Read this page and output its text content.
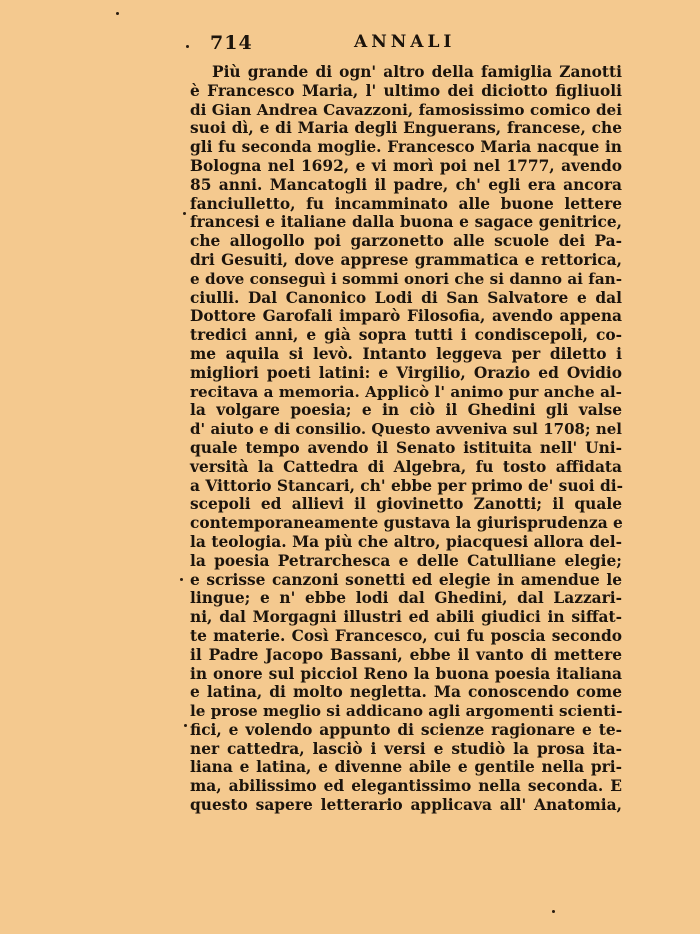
714	ANNALI
Più grande di ogn' altro della famiglia Zanotti
è Francesco Maria, l' ultimo dei diciotto figliuoli
di Gian Andrea Cavazzoni, famosissimo comico dei
suoi dì, e di Maria degli Enguerans, francese, che
gli fu seconda moglie. Francesco Maria nacque in
Bologna nel 1692, e vi morì poi nel 1777, avendo
85 anni. Mancatogli il padre, ch' egli era ancora
fanciulletto, fu incamminato alle buone lettere
francesi e italiane dalla buona e sagace genitrice,
che allogollo poi garzonetto alle scuole dei Pa-
dri Gesuiti, dove apprese grammatica e rettorica,
e dove conseguì i sommi onori che si danno ai fan-
ciulli. Dal Canonico Lodi di San Salvatore e dal
Dottore Garofali imparò Filosofia, avendo appena
tredici anni, e già sopra tutti i condiscepoli, co-
me aquila si levò. Intanto leggeva per diletto i
migliori poeti latini: e Virgilio, Orazio ed Ovidio
recitava a memoria. Applicò l' animo pur anche al-
la volgare poesia; e in ciò il Ghedini gli valse
d' aiuto e di consilio. Questo avveniva sul 1708; nel
quale tempo avendo il Senato istituita nell' Uni-
versità la Cattedra di Algebra, fu tosto affidata
a Vittorio Stancari, ch' ebbe per primo de' suoi di-
scepoli ed allievi il giovinetto Zanotti; il quale
contemporaneamente gustava la giurisprudenza e
la teologia. Ma più che altro, piacquesi allora del-
la poesia Petrarchesca e delle Catulliane elegie;
e scrisse canzoni sonetti ed elegie in amendue le
lingue; e n' ebbe lodi dal Ghedini, dal Lazzari-
ni, dal Morgagni illustri ed abili giudici in siffat-
te materie. Così Francesco, cui fu poscia secondo
il Padre Jacopo Bassani, ebbe il vanto di mettere
in onore sul picciol Reno la buona poesia italiana
e latina, di molto negletta. Ma conoscendo come
le prose meglio si addicano agli argomenti scienti-
fici, e volendo appunto di scienze ragionare e te-
ner cattedra, lasciò i versi e studiò la prosa ita-
liana e latina, e divenne abile e gentile nella pri-
ma, abilissimo ed elegantissimo nella seconda. E
questo sapere letterario applicava all' Anatomia,
